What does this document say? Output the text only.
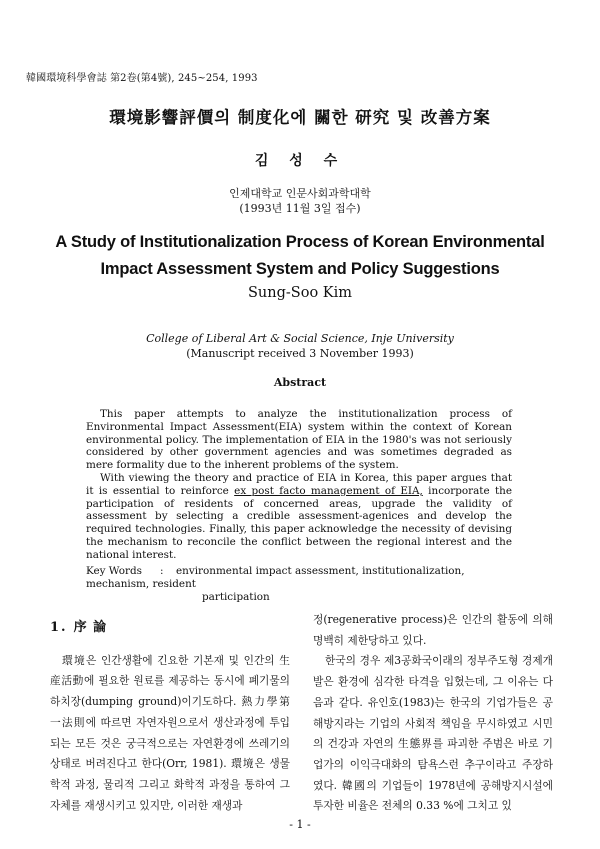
韓國環境科學會誌 第2卷(第4號), 245~254, 1993
環境影響評價의 制度化에 關한 研究 및 改善方案
김 성 수
인제대학교 인문사회과학대학
(1993년 11월 3일 접수)
A Study of Institutionalization Process of Korean Environmental
Impact Assessment System and Policy Suggestions
Sung-Soo Kim
College of Liberal Art & Social Science, Inje University
(Manuscript received 3 November 1993)
Abstract

This paper attempts to analyze the institutionalization process of Environmental Impact Assessment(EIA) system within the context of Korean environmental policy. The implementation of EIA in the 1980's was not seriously considered by other government agencies and was sometimes degraded as mere formality due to the inherent problems of the system.

With viewing the theory and practice of EIA in Korea, this paper argues that it is essential to reinforce ex post facto management of EIA, incorporate the participation of residents of concerned areas, upgrade the validity of assessment by selecting a credible assessment-agenices and develop the required technologies. Finally, this paper acknowledge the necessity of devising the mechanism to reconcile the conflict between the regional interest and the national interest.

Key Words : environmental impact assessment, institutionalization, mechanism, resident
participation
1. 序 論

環境은 인간생활에 긴요한 기본재 및 인간의 生産活動에 필요한 원료를 제공하는 동시에 폐기물의 하치장(dumping ground)이기도하다. 熱力學第一法則에 따르면 자연자원으로서 생산과정에 투입되는 모든 것은 궁극적으로는 자연환경에 쓰레기의 상태로 버려진다고 한다(Orr, 1981). 環境은 생물학적 과정, 물리적 그리고 화학적 과정을 통하여 그 자체를 재생시키고 있지만, 이러한 재생과

정(regenerative process)은 인간의 활동에 의해 명백히 제한당하고 있다.

한국의 경우 제3공화국이래의 정부주도형 경제개발은 환경에 심각한 타격을 입혔는데, 그 이유는 다음과 같다. 유인호(1983)는 한국의 기업가들은 공해방지라는 기업의 사회적 책임을 무시하였고 시민의 건강과 자연의 生態界를 파괴한 주범은 바로 기업가의 이익극대화의 탐욕스런 추구이라고 주장하였다. 韓國의 기업들이 1978년에 공해방지시설에 투자한 비율은 전체의 0.33 %에 그치고 있

- 1 -
